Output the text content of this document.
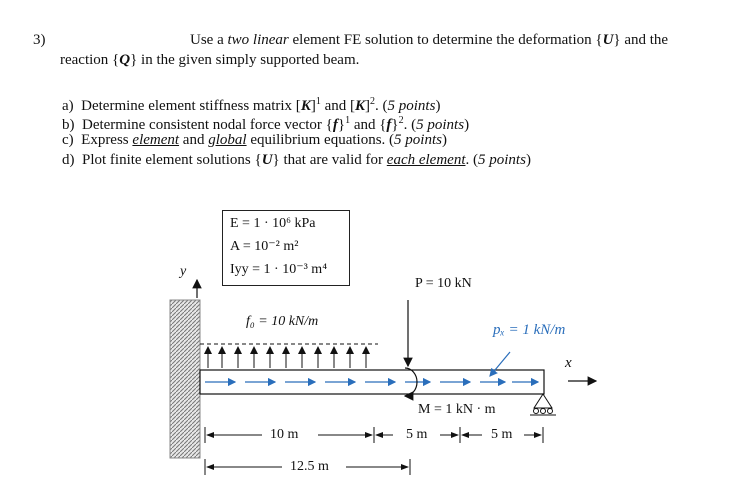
3)	Use a two linear element FE solution to determine the deformation {U} and the
reaction {Q} in the given simply supported beam.
a)  Determine element stiffness matrix $[K]^1$ and $[K]^2$. (5 points)
b)  Determine consistent nodal force vector $\{f\}^1$ and $\{f\}^2$. (5 points)
c)  Express element and global equilibrium equations. (5 points)
d)  Plot finite element solutions {U} that are valid for each element. (5 points)
E = 1 · 10⁶ kPa
A = 10⁻² m²
Iyy = 1 · 10⁻³ m⁴
y
x
P = 10 kN
f₀ = 10 kN/m
pₓ = 1 kN/m
M = 1 kN · m
10 m	5 m	5 m
12.5 m
